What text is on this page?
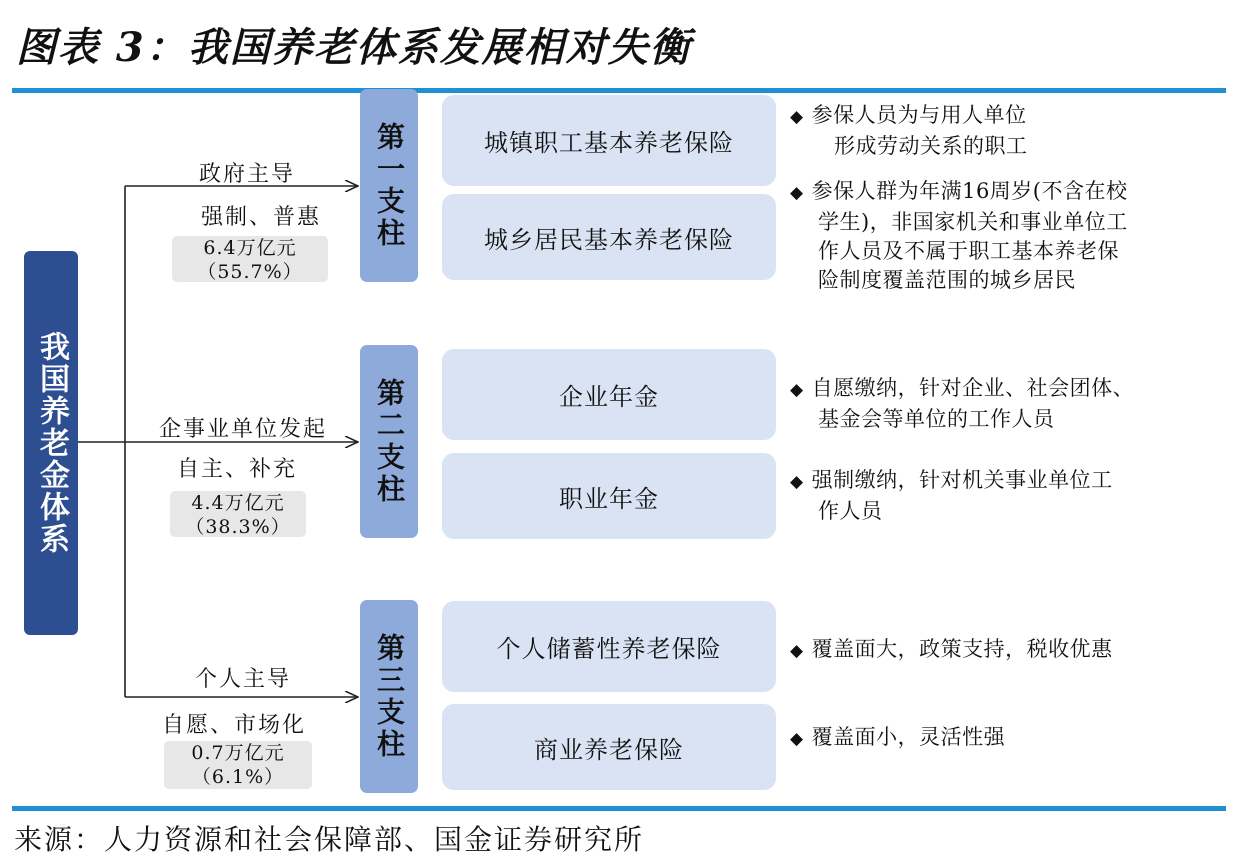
图表 3：我国养老体系发展相对失衡
我国养老金体系
政府主导
强制、普惠
6.4万亿元
（55.7%）
第一支柱	城镇职工基本养老保险
城乡居民基本养老保险
◆ 参保人员为与用人单位
形成劳动关系的职工
◆ 参保人群为年满16周岁(不含在校
学生)，非国家机关和事业单位工
作人员及不属于职工基本养老保
险制度覆盖范围的城乡居民
企事业单位发起
自主、补充
4.4万亿元
（38.3%）
第二支柱	企业年金
职业年金
◆ 自愿缴纳，针对企业、社会团体、
基金会等单位的工作人员
◆ 强制缴纳，针对机关事业单位工
作人员
个人主导
自愿、市场化
0.7万亿元
（6.1%）
第三支柱	个人储蓄性养老保险
商业养老保险
◆ 覆盖面大，政策支持，税收优惠
◆ 覆盖面小，灵活性强
来源：人力资源和社会保障部、国金证券研究所
